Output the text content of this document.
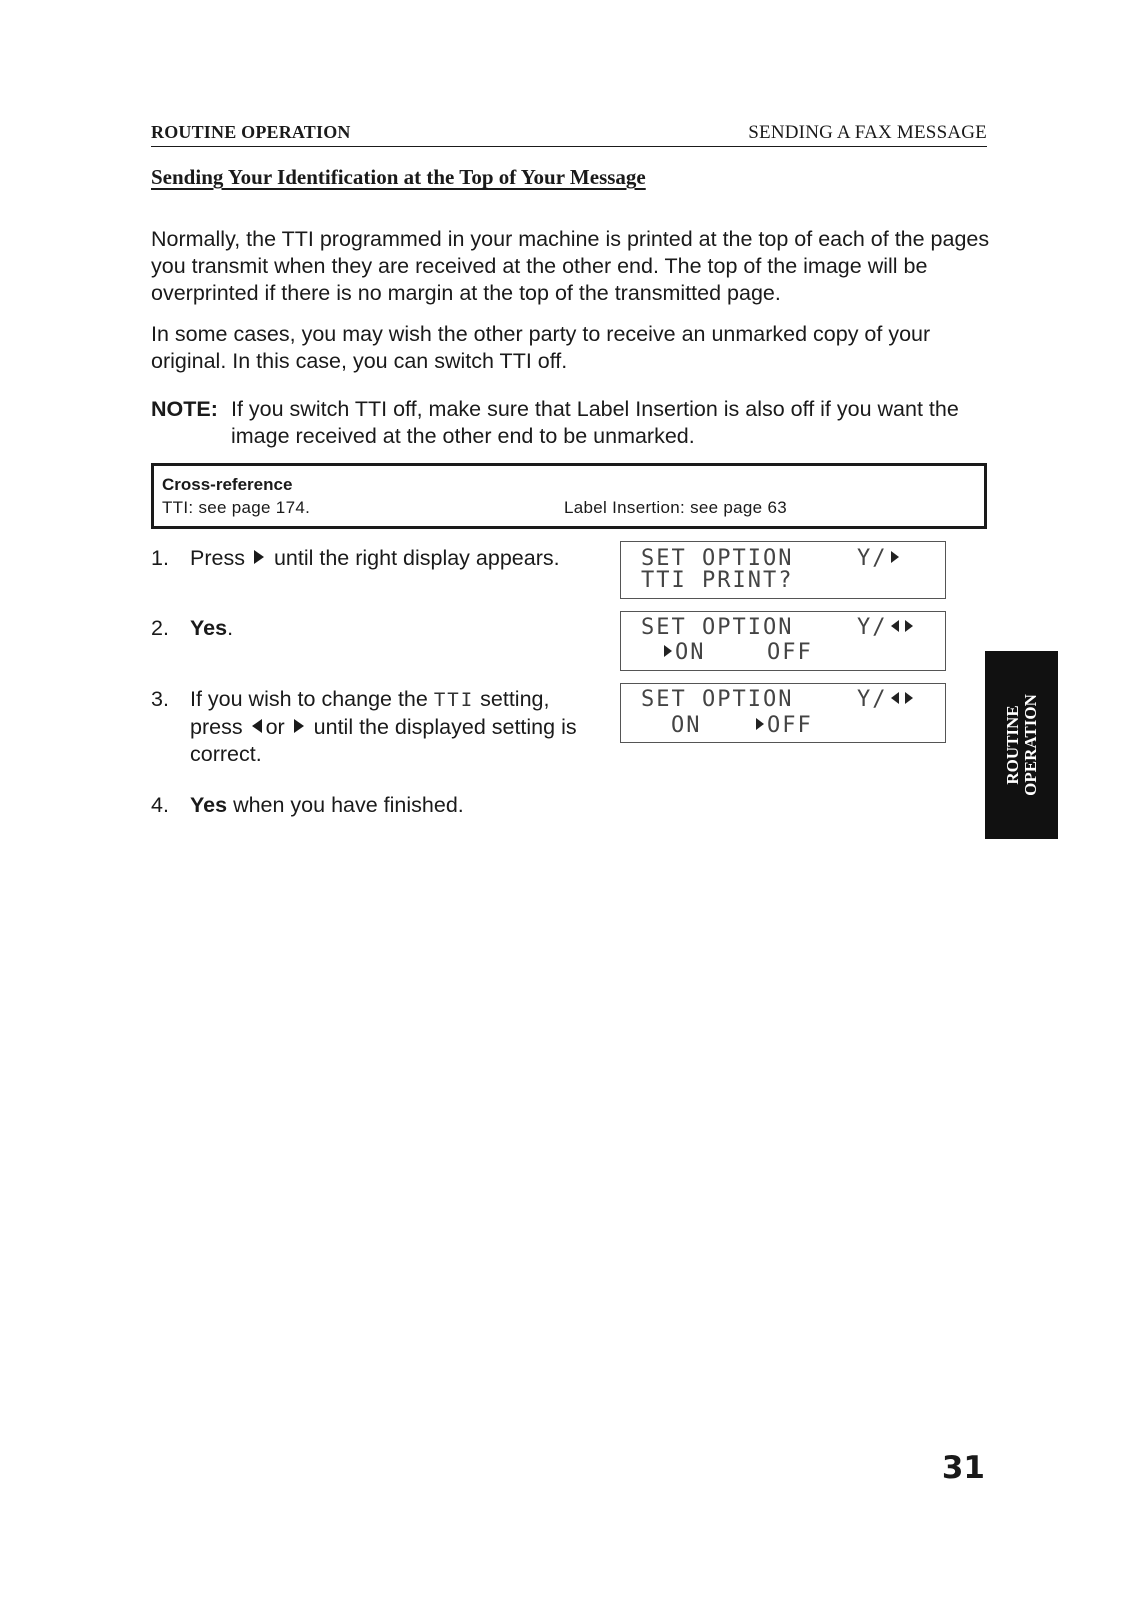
ROUTINE OPERATION	SENDING A FAX MESSAGE
Sending Your Identification at the Top of Your Message
Normally, the TTI programmed in your machine is printed at the top of each of the pages you transmit when they are received at the other end. The top of the image will be overprinted if there is no margin at the top of the transmitted page.
In some cases, you may wish the other party to receive an unmarked copy of your original. In this case, you can switch TTI off.
NOTE: If you switch TTI off, make sure that Label Insertion is also off if you want the image received at the other end to be unmarked.
Cross-reference
TTI: see page 174.	Label Insertion: see page 63
1. Press until the right display appears.
2. Yes.
3. If you wish to change the TTI setting, press or until the displayed setting is correct.
4. Yes when you have finished.
SET OPTION	Y/
TTI PRINT?
SET OPTION	Y/
ON	OFF
SET OPTION	Y/
ON	OFF	ROUTINE OPERATION
31
